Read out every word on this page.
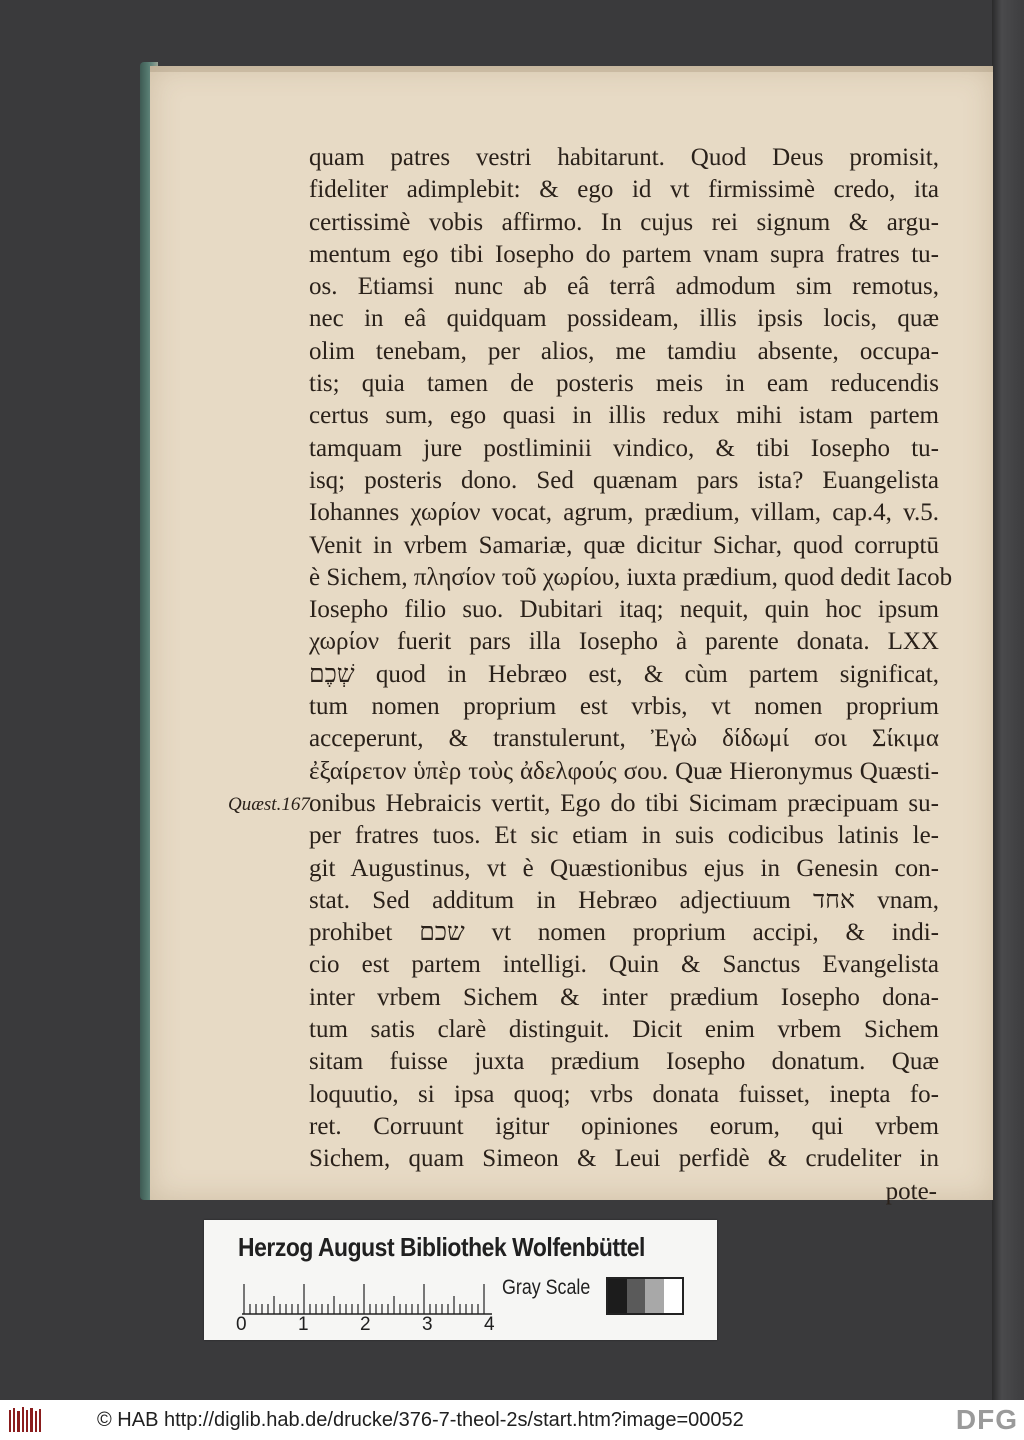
quam patres vestri habitarunt. Quod Deus promisit,
fideliter adimplebit: & ego id vt firmissimè credo, ita
certissimè vobis affirmo. In cujus rei signum & argu-
mentum ego tibi Iosepho do partem vnam supra fratres tu-
os. Etiamsi nunc ab eâ terrâ admodum sim remotus,
nec in eâ quidquam possideam, illis ipsis locis, quæ
olim tenebam, per alios, me tamdiu absente, occupa-
tis; quia tamen de posteris meis in eam reducendis
certus sum, ego quasi in illis redux mihi istam partem
tamquam jure postliminii vindico, & tibi Iosepho tu-
isq; posteris dono. Sed quænam pars ista? Euangelista
Iohannes χωρίον vocat, agrum, prædium, villam, cap.4, v.5.
Venit in vrbem Samariæ, quæ dicitur Sichar, quod corruptū
è Sichem, πλησίον τοῦ χωρίου, iuxta prædium, quod dedit Iacob
Iosepho filio suo. Dubitari itaq; nequit, quin hoc ipsum
χωρίον fuerit pars illa Iosepho à parente donata. LXX
שְׁכֶם quod in Hebræo est, & cùm partem significat,
tum nomen proprium est vrbis, vt nomen proprium
acceperunt, & transtulerunt, Ἐγὼ δίδωμί σοι Σίκιμα
ἐξαίρετον ὑπὲρ τοὺς ἀδελφούς σου. Quæ Hieronymus Quæsti-
onibus Hebraicis vertit, Ego do tibi Sicimam præcipuam su-
per fratres tuos. Et sic etiam in suis codicibus latinis le-
git Augustinus, vt è Quæstionibus ejus in Genesin con-
stat. Sed additum in Hebræo adjectiuum אחד vnam,
prohibet שכם vt nomen proprium accipi, & indi-
cio est partem intelligi. Quin & Sanctus Evangelista
inter vrbem Sichem & inter prædium Iosepho dona-
tum satis clarè distinguit. Dicit enim vrbem Sichem
sitam fuisse juxta prædium Iosepho donatum. Quæ
loquutio, si ipsa quoq; vrbs donata fuisset, inepta fo-
ret. Corruunt igitur opiniones eorum, qui vrbem
Sichem, quam Simeon & Leui perfidè & crudeliter in
pote-
Quæst.167.
Herzog August Bibliothek Wolfenbüttel
0	1	2	3	4
Gray Scale
© HAB http://diglib.hab.de/drucke/376-7-theol-2s/start.htm?image=00052	DFG
